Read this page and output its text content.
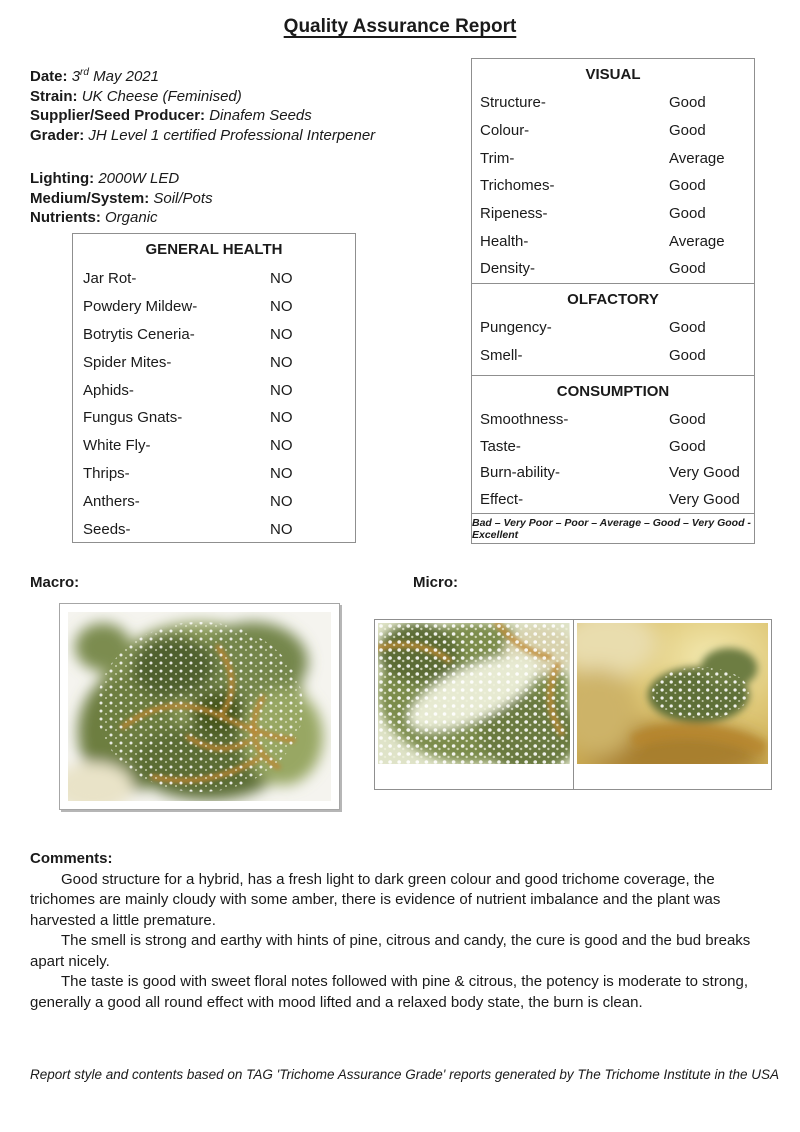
Quality Assurance Report
Date: 3rd May 2021
Strain: UK Cheese (Feminised)
Supplier/Seed Producer: Dinafem Seeds
Grader: JH Level 1 certified Professional Interpener
Lighting: 2000W LED
Medium/System: Soil/Pots
Nutrients: Organic
GENERAL HEALTH
Jar Rot-	NO
Powdery Mildew-	NO
Botrytis Ceneria-	NO
Spider Mites-	NO
Aphids-	NO
Fungus Gnats-	NO
White Fly-	NO
Thrips-	NO
Anthers-	NO
Seeds-	NO
VISUAL
Structure-	Good
Colour-	Good
Trim-	Average
Trichomes-	Good
Ripeness-	Good
Health-	Average
Density-	Good
OLFACTORY
Pungency-	Good
Smell-	Good
CONSUMPTION
Smoothness-	Good
Taste-	Good
Burn-ability-	Very Good
Effect-	Very Good
Bad – Very Poor – Poor – Average – Good – Very Good - Excellent
Macro:	Micro:
Comments:

Good structure for a hybrid, has a fresh light to dark green colour and good trichome coverage, the trichomes are mainly cloudy with some amber, there is evidence of nutrient imbalance and the plant was harvested a little premature.

The smell is strong and earthy with hints of pine, citrous and candy, the cure is good and the bud breaks apart nicely.

The taste is good with sweet floral notes followed with pine & citrous, the potency is moderate to strong, generally a good all round effect with mood lifted and a relaxed body state, the burn is clean.

Report style and contents based on TAG 'Trichome Assurance Grade' reports generated by The Trichome Institute in the USA
